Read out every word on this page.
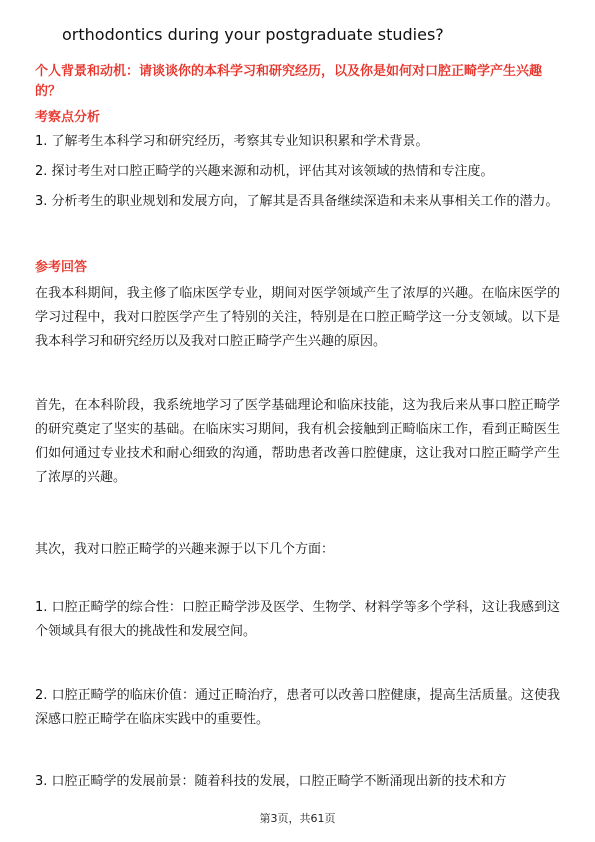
orthodontics during your postgraduate studies?
个人背景和动机：请谈谈你的本科学习和研究经历，以及你是如何对口腔正畸学产生兴趣的？
考察点分析
1. 了解考生本科学习和研究经历，考察其专业知识积累和学术背景。
2. 探讨考生对口腔正畸学的兴趣来源和动机，评估其对该领域的热情和专注度。
3. 分析考生的职业规划和发展方向，了解其是否具备继续深造和未来从事相关工作的潜力。
参考回答
在我本科期间，我主修了临床医学专业，期间对医学领域产生了浓厚的兴趣。在临床医学的学习过程中，我对口腔医学产生了特别的关注，特别是在口腔正畸学这一分支领域。以下是我本科学习和研究经历以及我对口腔正畸学产生兴趣的原因。
首先，在本科阶段，我系统地学习了医学基础理论和临床技能，这为我后来从事口腔正畸学的研究奠定了坚实的基础。在临床实习期间，我有机会接触到正畸临床工作，看到正畸医生们如何通过专业技术和耐心细致的沟通，帮助患者改善口腔健康，这让我对口腔正畸学产生了浓厚的兴趣。
其次，我对口腔正畸学的兴趣来源于以下几个方面：
1. 口腔正畸学的综合性：口腔正畸学涉及医学、生物学、材料学等多个学科，这让我感到这个领域具有很大的挑战性和发展空间。
2. 口腔正畸学的临床价值：通过正畸治疗，患者可以改善口腔健康，提高生活质量。这使我深感口腔正畸学在临床实践中的重要性。
3. 口腔正畸学的发展前景：随着科技的发展，口腔正畸学不断涌现出新的技术和方
第3页，共61页
